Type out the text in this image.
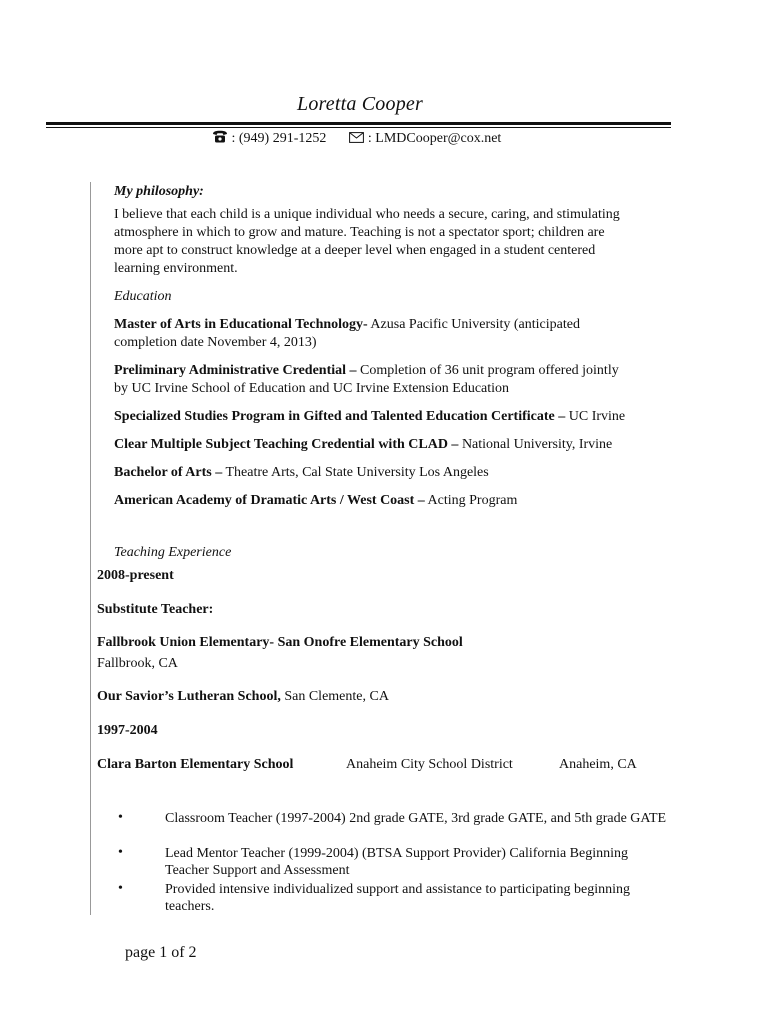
Loretta Cooper
: (949) 291-1252	: LMDCooper@cox.net
My philosophy:
I believe that each child is a unique individual who needs a secure, caring, and stimulating
atmosphere in which to grow and mature. Teaching is not a spectator sport; children are
more apt to construct knowledge at a deeper level when engaged in a student centered
learning environment.
Education
Master of Arts in Educational Technology- Azusa Pacific University (anticipated
completion date November 4, 2013)
Preliminary Administrative Credential – Completion of 36 unit program offered jointly
by UC Irvine School of Education and UC Irvine Extension Education
Specialized Studies Program in Gifted and Talented Education Certificate – UC Irvine
Clear Multiple Subject Teaching Credential with CLAD – National University, Irvine
Bachelor of Arts – Theatre Arts, Cal State University Los Angeles
American Academy of Dramatic Arts / West Coast – Acting Program
Teaching Experience
2008-present
Substitute Teacher:
Fallbrook Union Elementary- San Onofre Elementary School
Fallbrook, CA
Our Savior’s Lutheran School, San Clemente, CA
1997-2004
Clara Barton Elementary School	Anaheim City School District	Anaheim, CA
•	Classroom Teacher (1997-2004) 2nd grade GATE, 3rd grade GATE, and 5th grade GATE
•	Lead Mentor Teacher (1999-2004) (BTSA Support Provider) California Beginning Teacher Support and Assessment
•	Provided intensive individualized support and assistance to participating beginning teachers.
page 1 of 2
